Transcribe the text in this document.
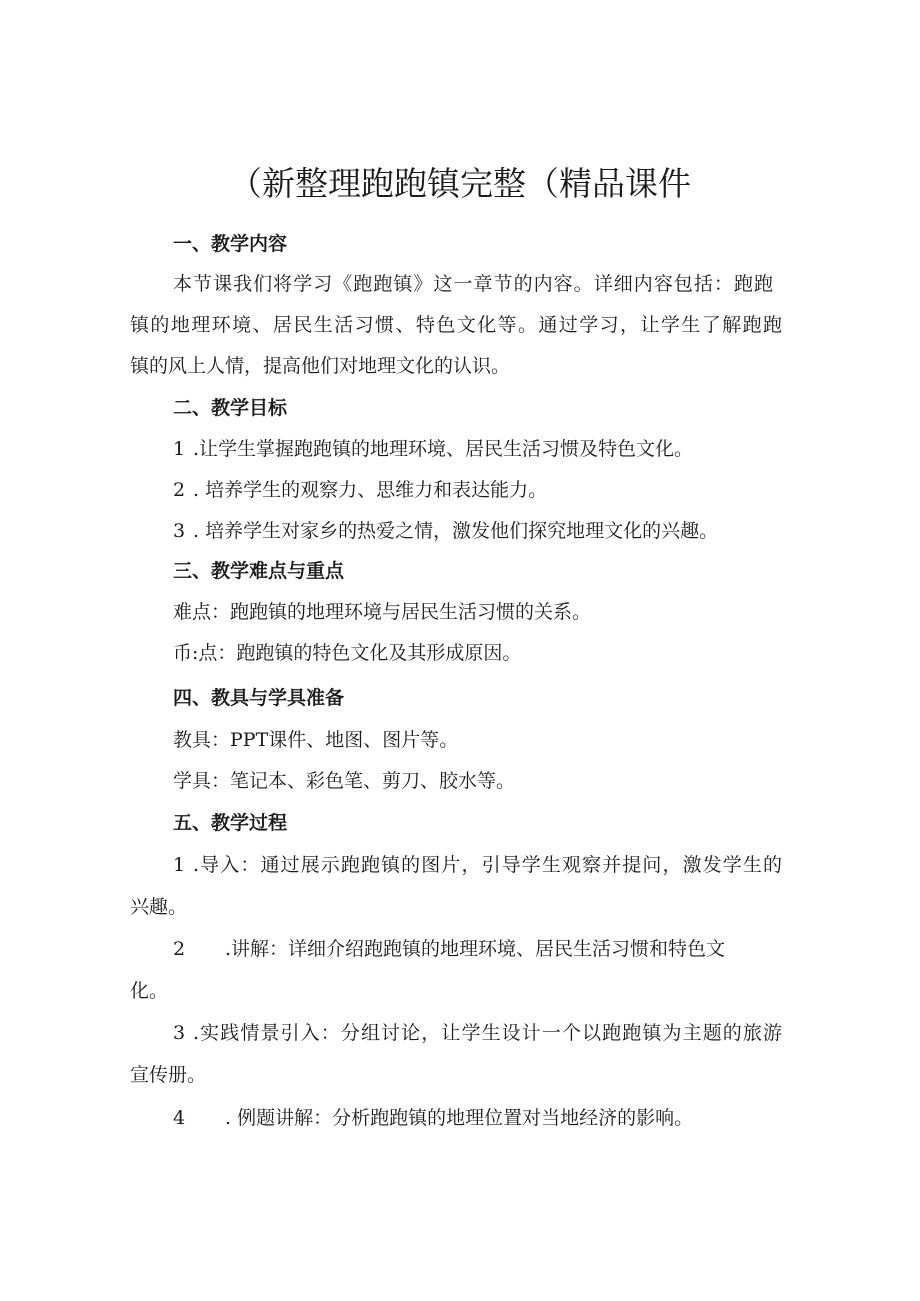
（新整理跑跑镇完整（精品课件
一、教学内容
本节课我们将学习《跑跑镇》这一章节的内容。详细内容包括：跑跑
镇的地理环境、居民生活习惯、特色文化等。通过学习，让学生了解跑跑
镇的风上人情，提高他们对地理文化的认识。
二、教学目标
1 .让学生掌握跑跑镇的地理环境、居民生活习惯及特色文化。
2 . 培养学生的观察力、思维力和表达能力。
3 . 培养学生对家乡的热爱之情，激发他们探究地理文化的兴趣。
三、教学难点与重点
难点：跑跑镇的地理环境与居民生活习惯的关系。
币:点：跑跑镇的特色文化及其形成原因。
四、教具与学具准备
教具：PPT课件、地图、图片等。
学具：笔记本、彩色笔、剪刀、胶水等。
五、教学过程
1 .导入：通过展示跑跑镇的图片，引导学生观察并提问，激发学生的
兴趣。
2 .讲解：详细介绍跑跑镇的地理环境、居民生活习惯和特色文
化。
3 .实践情景引入：分组讨论，让学生设计一个以跑跑镇为主题的旅游
宣传册。
4 . 例题讲解：分析跑跑镇的地理位置对当地经济的影响。
